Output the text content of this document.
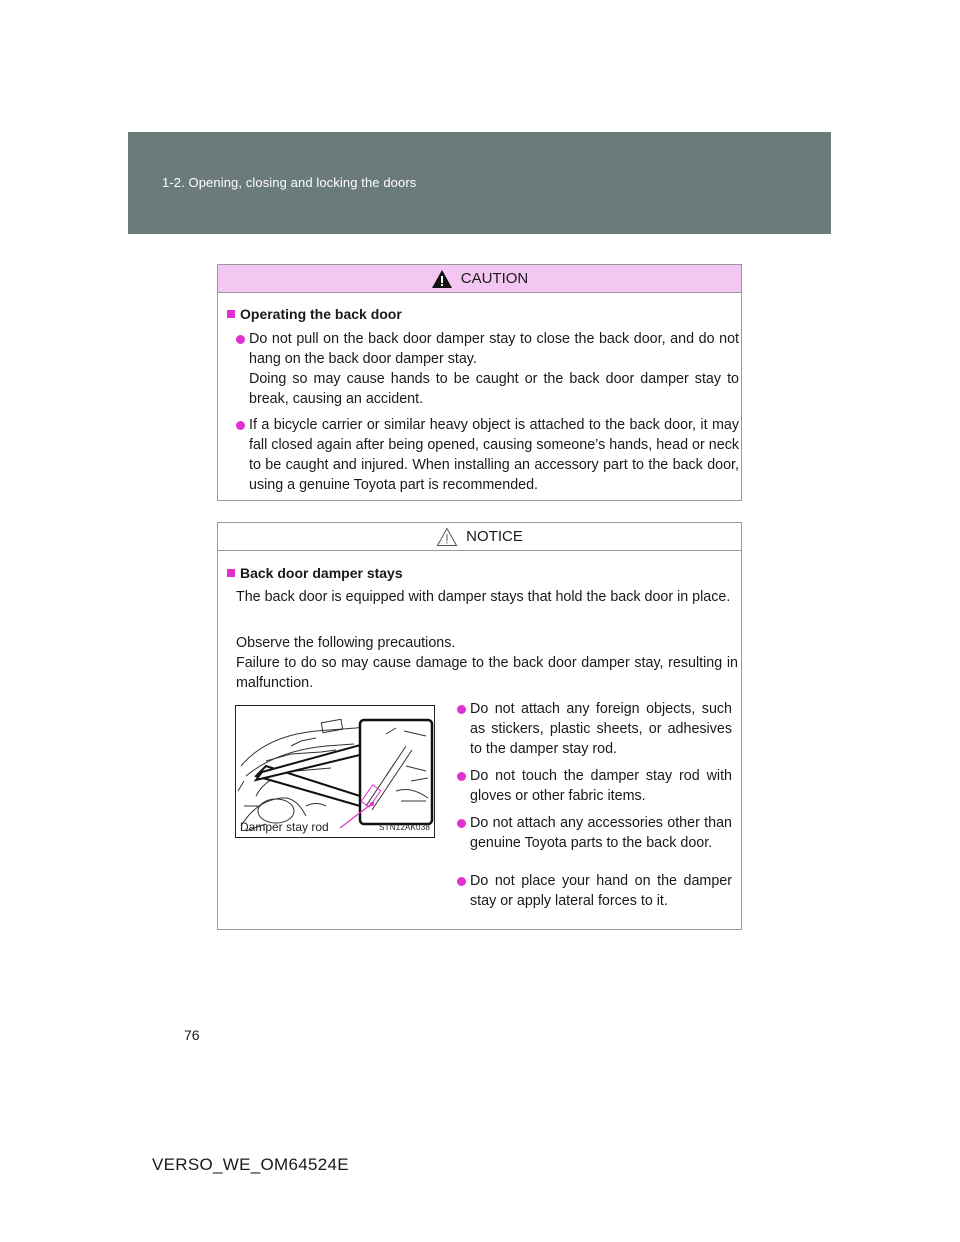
1-2. Opening, closing and locking the doors
CAUTION
Operating the back door
Do not pull on the back door damper stay to close the back door, and do not hang on the back door damper stay.
Doing so may cause hands to be caught or the back door damper stay to break, causing an accident.
If a bicycle carrier or similar heavy object is attached to the back door, it may fall closed again after being opened, causing someone’s hands, head or neck to be caught and injured. When installing an accessory part to the back door, using a genuine Toyota part is recommended.
NOTICE
Back door damper stays
The back door is equipped with damper stays that hold the back door in place.
Observe the following precautions.
Failure to do so may cause damage to the back door damper stay, resulting in malfunction.
Damper stay rod	STN12AK038
Do not attach any foreign objects, such as stickers, plastic sheets, or adhesives to the damper stay rod.
Do not touch the damper stay rod with gloves or other fabric items.
Do not attach any accessories other than genuine Toyota parts to the back door.
Do not place your hand on the damper stay or apply lateral forces to it.
76
VERSO_WE_OM64524E
